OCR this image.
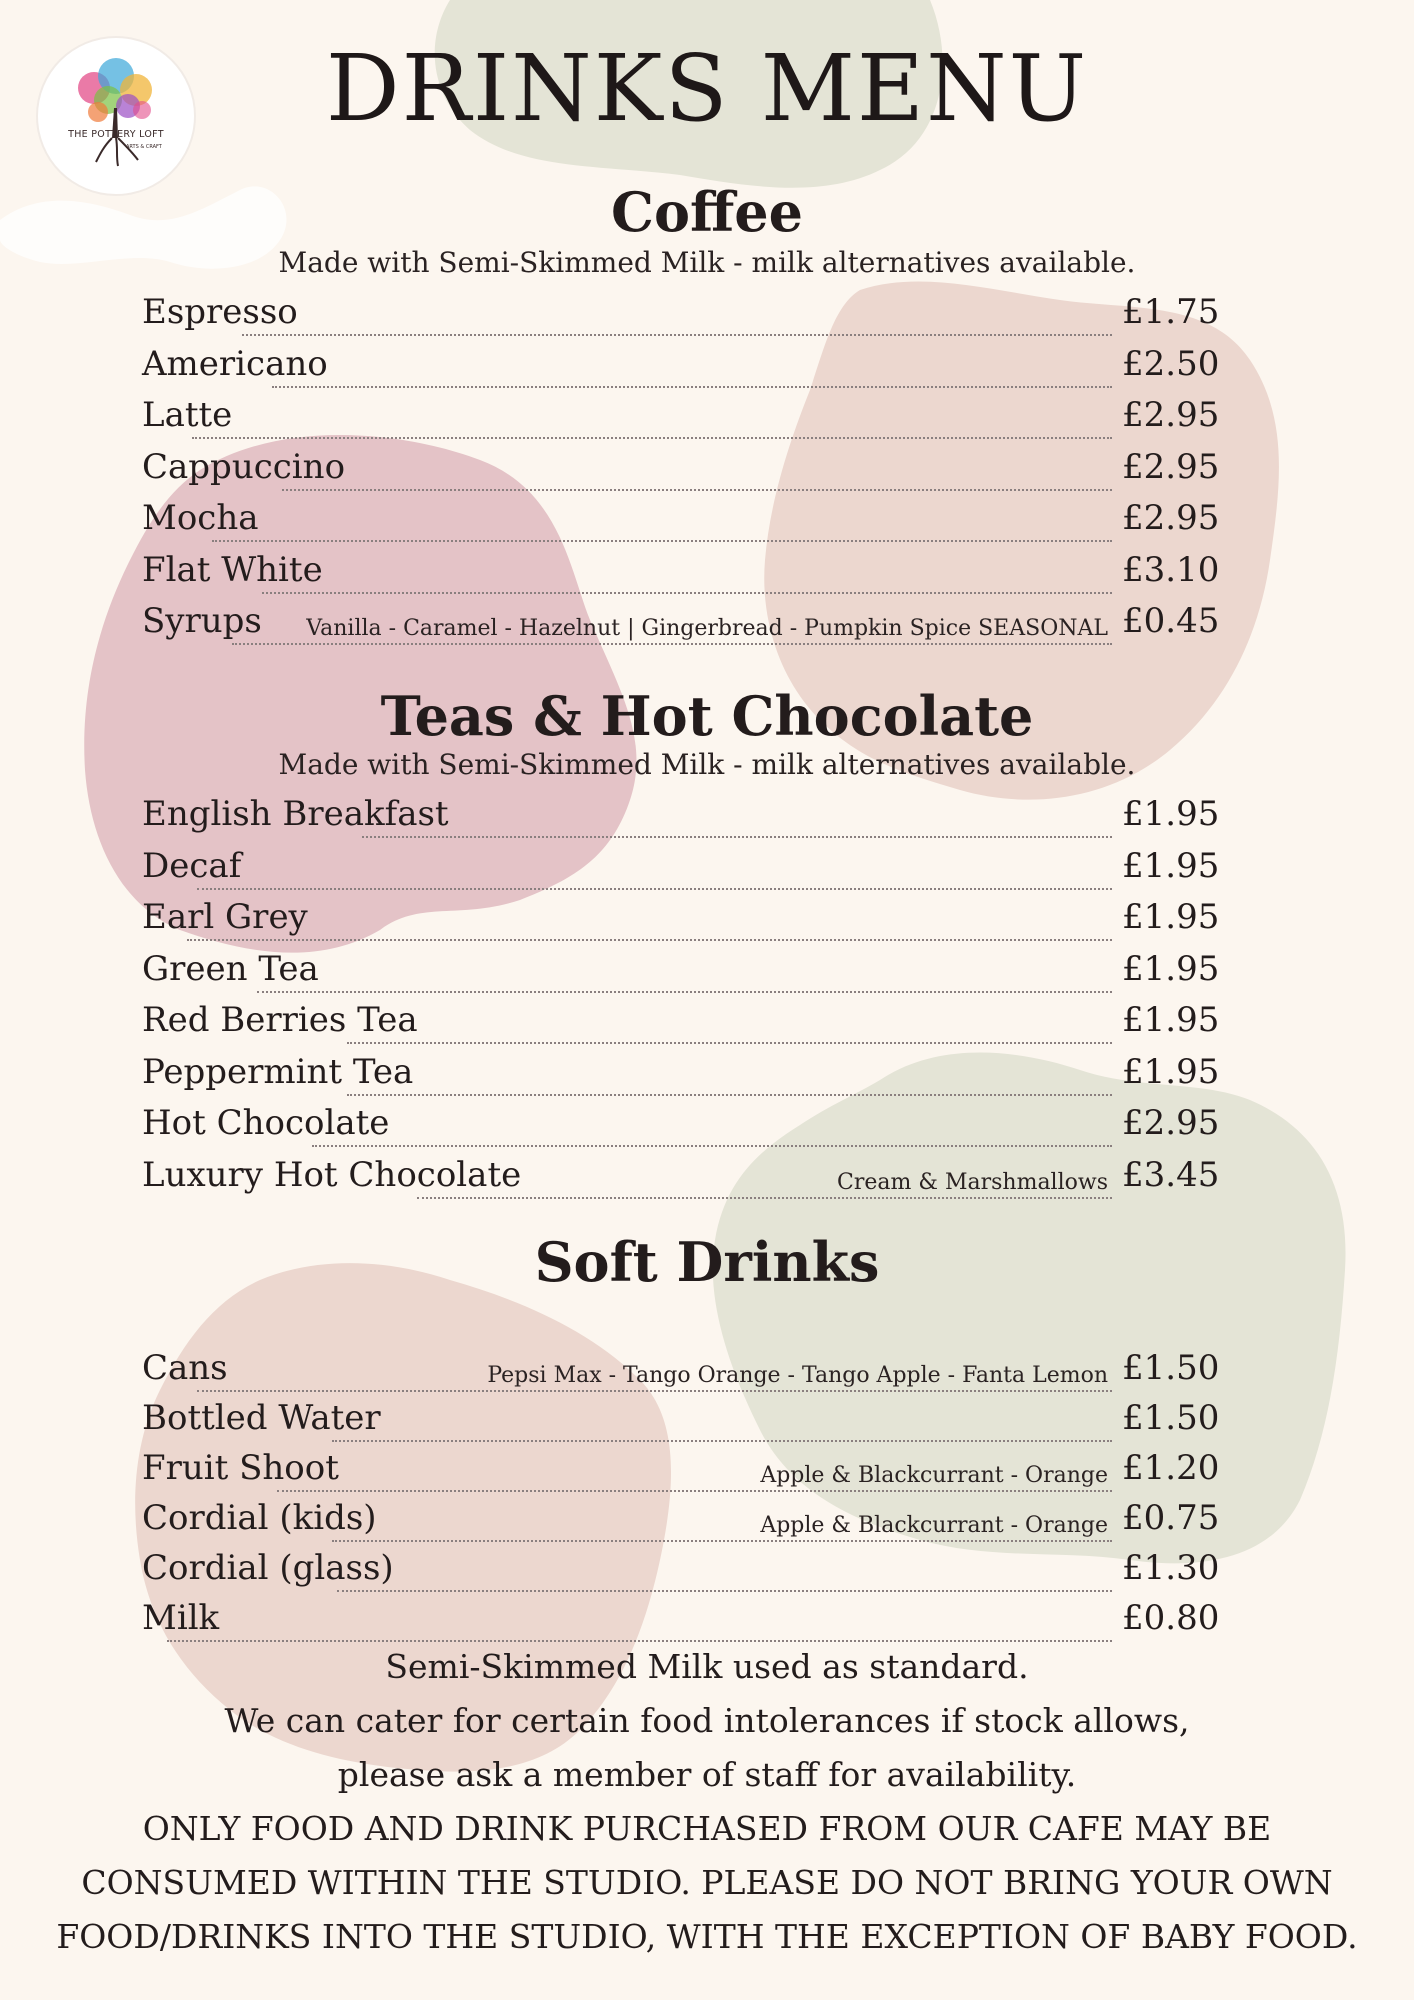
THE POTTERY LOFT
ARTS & CRAFT
DRINKS MENU
Coffee
Made with Semi-Skimmed Milk - milk alternatives available.
Espresso	£1.75
Americano	£2.50
Latte	£2.95
Cappuccino	£2.95
Mocha	£2.95
Flat White	£3.10
Syrups Vanilla - Caramel - Hazelnut | Gingerbread - Pumpkin Spice SEASONAL £0.45
Teas & Hot Chocolate
Made with Semi-Skimmed Milk - milk alternatives available.
English Breakfast	£1.95
Decaf	£1.95
Earl Grey	£1.95
Green Tea	£1.95
Red Berries Tea	£1.95
Peppermint Tea	£1.95
Hot Chocolate	£2.95
Luxury Hot Chocolate	Cream & Marshmallows £3.45
Soft Drinks
Cans	Pepsi Max - Tango Orange - Tango Apple - Fanta Lemon £1.50
Bottled Water	£1.50
Fruit Shoot	Apple & Blackcurrant - Orange £1.20
Cordial (kids)	Apple & Blackcurrant - Orange £0.75
Cordial (glass)	£1.30
Milk	£0.80
Semi-Skimmed Milk used as standard.
We can cater for certain food intolerances if stock allows,
please ask a member of staff for availability.
ONLY FOOD AND DRINK PURCHASED FROM OUR CAFE MAY BE CONSUMED WITHIN THE STUDIO. PLEASE DO NOT BRING YOUR OWN FOOD/DRINKS INTO THE STUDIO, WITH THE EXCEPTION OF BABY FOOD.
